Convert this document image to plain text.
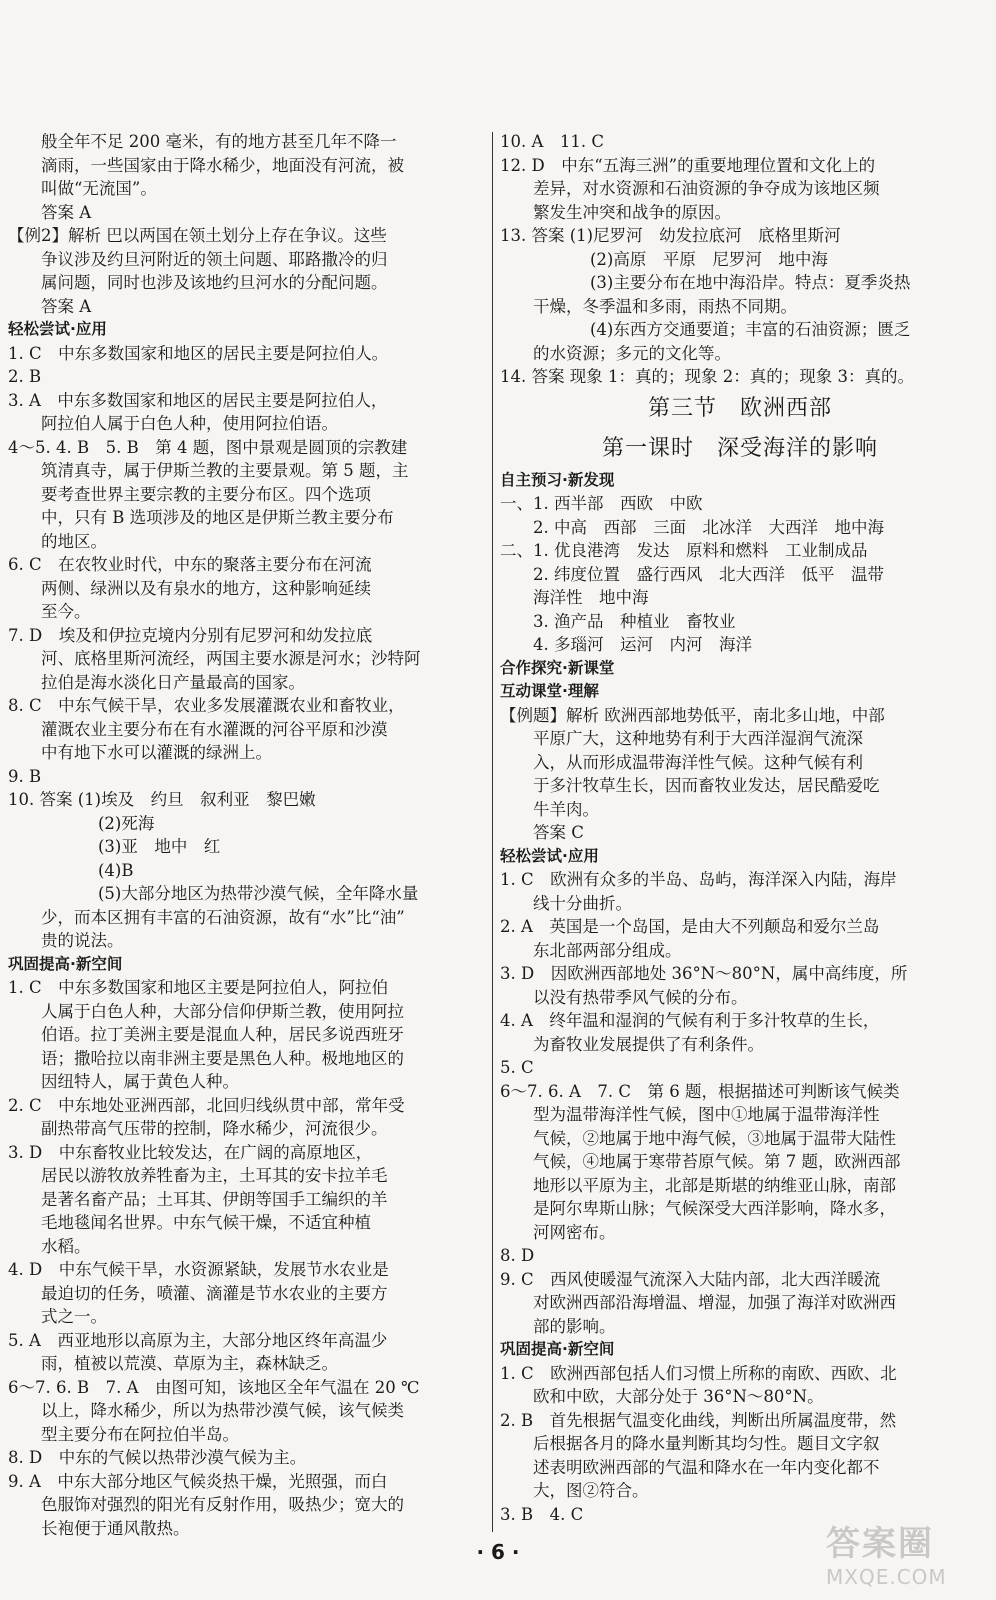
般全年不足 200 毫米，有的地方甚至几年不降一
滴雨，一些国家由于降水稀少，地面没有河流，被
叫做“无流国”。
答案 A
【例2】解析 巴以两国在领土划分上存在争议。这些
争议涉及约旦河附近的领土问题、耶路撒冷的归
属问题，同时也涉及该地约旦河水的分配问题。
答案 A
轻松尝试·应用
1. C　中东多数国家和地区的居民主要是阿拉伯人。
2. B
3. A　中东多数国家和地区的居民主要是阿拉伯人，
阿拉伯人属于白色人种，使用阿拉伯语。
4～5. 4. B　5. B　第 4 题，图中景观是圆顶的宗教建
筑清真寺，属于伊斯兰教的主要景观。第 5 题，主
要考查世界主要宗教的主要分布区。四个选项
中，只有 B 选项涉及的地区是伊斯兰教主要分布
的地区。
6. C　在农牧业时代，中东的聚落主要分布在河流
两侧、绿洲以及有泉水的地方，这种影响延续
至今。
7. D　埃及和伊拉克境内分别有尼罗河和幼发拉底
河、底格里斯河流经，两国主要水源是河水；沙特阿
拉伯是海水淡化日产量最高的国家。
8. C　中东气候干旱，农业多发展灌溉农业和畜牧业，
灌溉农业主要分布在有水灌溉的河谷平原和沙漠
中有地下水可以灌溉的绿洲上。
9. B
10. 答案 (1)埃及　约旦　叙利亚　黎巴嫩
(2)死海
(3)亚　地中　红
(4)B
(5)大部分地区为热带沙漠气候，全年降水量
少，而本区拥有丰富的石油资源，故有“水”比“油”
贵的说法。
巩固提高·新空间
1. C　中东多数国家和地区主要是阿拉伯人，阿拉伯
人属于白色人种，大部分信仰伊斯兰教，使用阿拉
伯语。拉丁美洲主要是混血人种，居民多说西班牙
语；撒哈拉以南非洲主要是黑色人种。极地地区的
因纽特人，属于黄色人种。
2. C　中东地处亚洲西部，北回归线纵贯中部，常年受
副热带高气压带的控制，降水稀少，河流很少。
3. D　中东畜牧业比较发达，在广阔的高原地区，
居民以游牧放养牲畜为主，土耳其的安卡拉羊毛
是著名畜产品；土耳其、伊朗等国手工编织的羊
毛地毯闻名世界。中东气候干燥，不适宜种植
水稻。
4. D　中东气候干旱，水资源紧缺，发展节水农业是
最迫切的任务，喷灌、滴灌是节水农业的主要方
式之一。
5. A　西亚地形以高原为主，大部分地区终年高温少
雨，植被以荒漠、草原为主，森林缺乏。
6～7. 6. B　7. A　由图可知，该地区全年气温在 20 ℃
以上，降水稀少，所以为热带沙漠气候，该气候类
型主要分布在阿拉伯半岛。
8. D　中东的气候以热带沙漠气候为主。
9. A　中东大部分地区气候炎热干燥，光照强，而白
色服饰对强烈的阳光有反射作用，吸热少；宽大的
长袍便于通风散热。
10. A　11. C
12. D　中东“五海三洲”的重要地理位置和文化上的
差异，对水资源和石油资源的争夺成为该地区频
繁发生冲突和战争的原因。
13. 答案 (1)尼罗河　幼发拉底河　底格里斯河
(2)高原　平原　尼罗河　地中海
(3)主要分布在地中海沿岸。特点：夏季炎热
干燥，冬季温和多雨，雨热不同期。
(4)东西方交通要道；丰富的石油资源；匮乏
的水资源；多元的文化等。
14. 答案 现象 1：真的；现象 2：真的；现象 3：真的。
第三节　欧洲西部
第一课时　深受海洋的影响
自主预习·新发现
一、1. 西半部　西欧　中欧
2. 中高　西部　三面　北冰洋　大西洋　地中海
二、1. 优良港湾　发达　原料和燃料　工业制成品
2. 纬度位置　盛行西风　北大西洋　低平　温带
海洋性　地中海
3. 渔产品　种植业　畜牧业
4. 多瑙河　运河　内河　海洋
合作探究·新课堂
互动课堂·理解
【例题】解析 欧洲西部地势低平，南北多山地，中部
平原广大，这种地势有利于大西洋湿润气流深
入，从而形成温带海洋性气候。这种气候有利
于多汁牧草生长，因而畜牧业发达，居民酷爱吃
牛羊肉。
答案 C
轻松尝试·应用
1. C　欧洲有众多的半岛、岛屿，海洋深入内陆，海岸
线十分曲折。
2. A　英国是一个岛国，是由大不列颠岛和爱尔兰岛
东北部两部分组成。
3. D　因欧洲西部地处 36°N～80°N，属中高纬度，所
以没有热带季风气候的分布。
4. A　终年温和湿润的气候有利于多汁牧草的生长，
为畜牧业发展提供了有利条件。
5. C
6～7. 6. A　7. C　第 6 题，根据描述可判断该气候类
型为温带海洋性气候，图中①地属于温带海洋性
气候，②地属于地中海气候，③地属于温带大陆性
气候，④地属于寒带苔原气候。第 7 题，欧洲西部
地形以平原为主，北部是斯堪的纳维亚山脉，南部
是阿尔卑斯山脉；气候深受大西洋影响，降水多，
河网密布。
8. D
9. C　西风使暖湿气流深入大陆内部，北大西洋暖流
对欧洲西部沿海增温、增湿，加强了海洋对欧洲西
部的影响。
巩固提高·新空间
1. C　欧洲西部包括人们习惯上所称的南欧、西欧、北
欧和中欧，大部分处于 36°N～80°N。
2. B　首先根据气温变化曲线，判断出所属温度带，然
后根据各月的降水量判断其均匀性。题目文字叙
述表明欧洲西部的气温和降水在一年内变化都不
大，图②符合。
3. B　4. C
· 6 ·	答案圈
MXQE.COM
